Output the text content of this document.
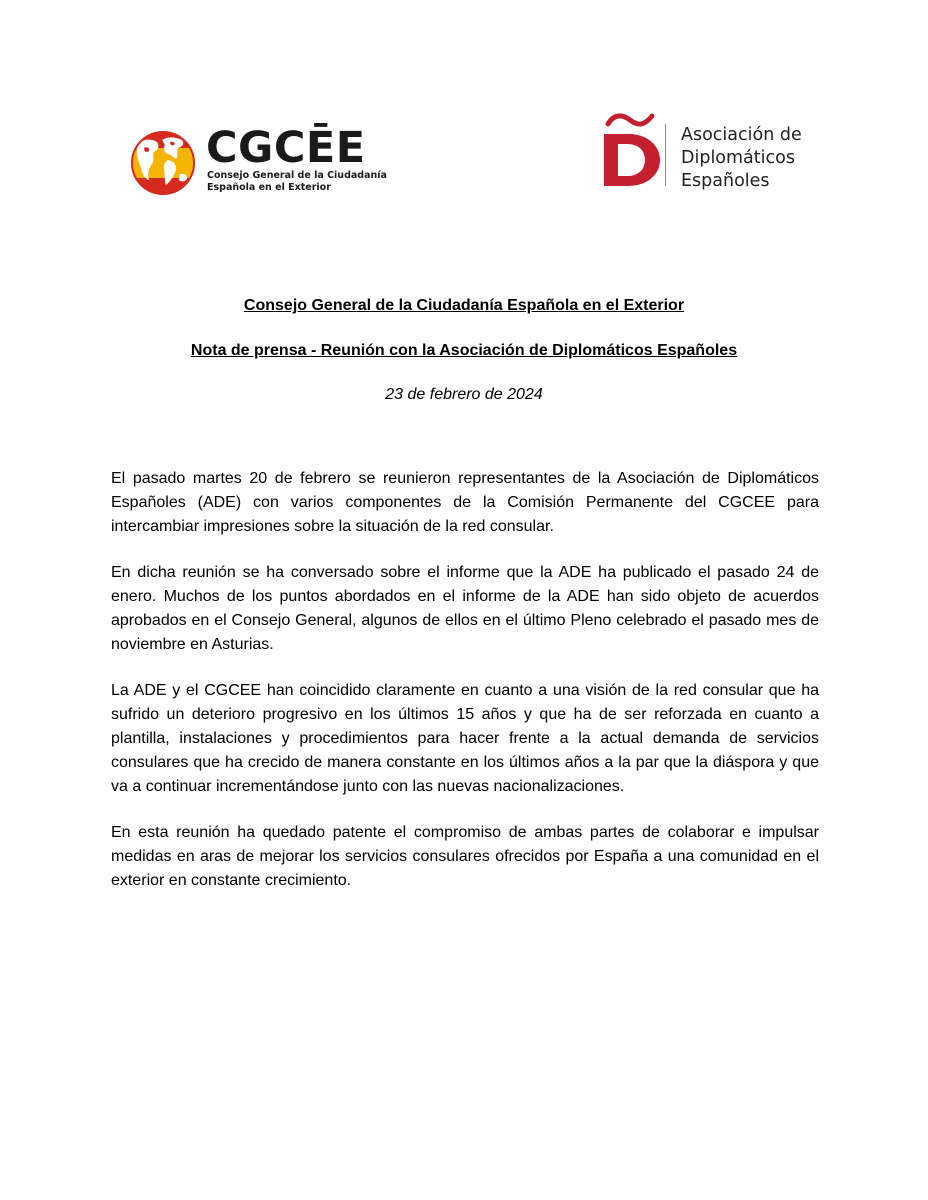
CGCĒE
Consejo General de la Ciudadanía
Española en el Exterior
Asociación de
Diplomáticos
Españoles
Consejo General de la Ciudadanía Española en el Exterior
Nota de prensa - Reunión con la Asociación de Diplomáticos Españoles
23 de febrero de 2024

El pasado martes 20 de febrero se reunieron representantes de la Asociación de Diplomáticos Españoles (ADE) con varios componentes de la Comisión Permanente del CGCEE para intercambiar impresiones sobre la situación de la red consular.

En dicha reunión se ha conversado sobre el informe que la ADE ha publicado el pasado 24 de enero. Muchos de los puntos abordados en el informe de la ADE han sido objeto de acuerdos aprobados en el Consejo General, algunos de ellos en el último Pleno celebrado el pasado mes de noviembre en Asturias.

La ADE y el CGCEE han coincidido claramente en cuanto a una visión de la red consular que ha sufrido un deterioro progresivo en los últimos 15 años y que ha de ser reforzada en cuanto a plantilla, instalaciones y procedimientos para hacer frente a la actual demanda de servicios consulares que ha crecido de manera constante en los últimos años a la par que la diáspora y que va a continuar incrementándose junto con las nuevas nacionalizaciones.

En esta reunión ha quedado patente el compromiso de ambas partes de colaborar e impulsar medidas en aras de mejorar los servicios consulares ofrecidos por España a una comunidad en el exterior en constante crecimiento.
